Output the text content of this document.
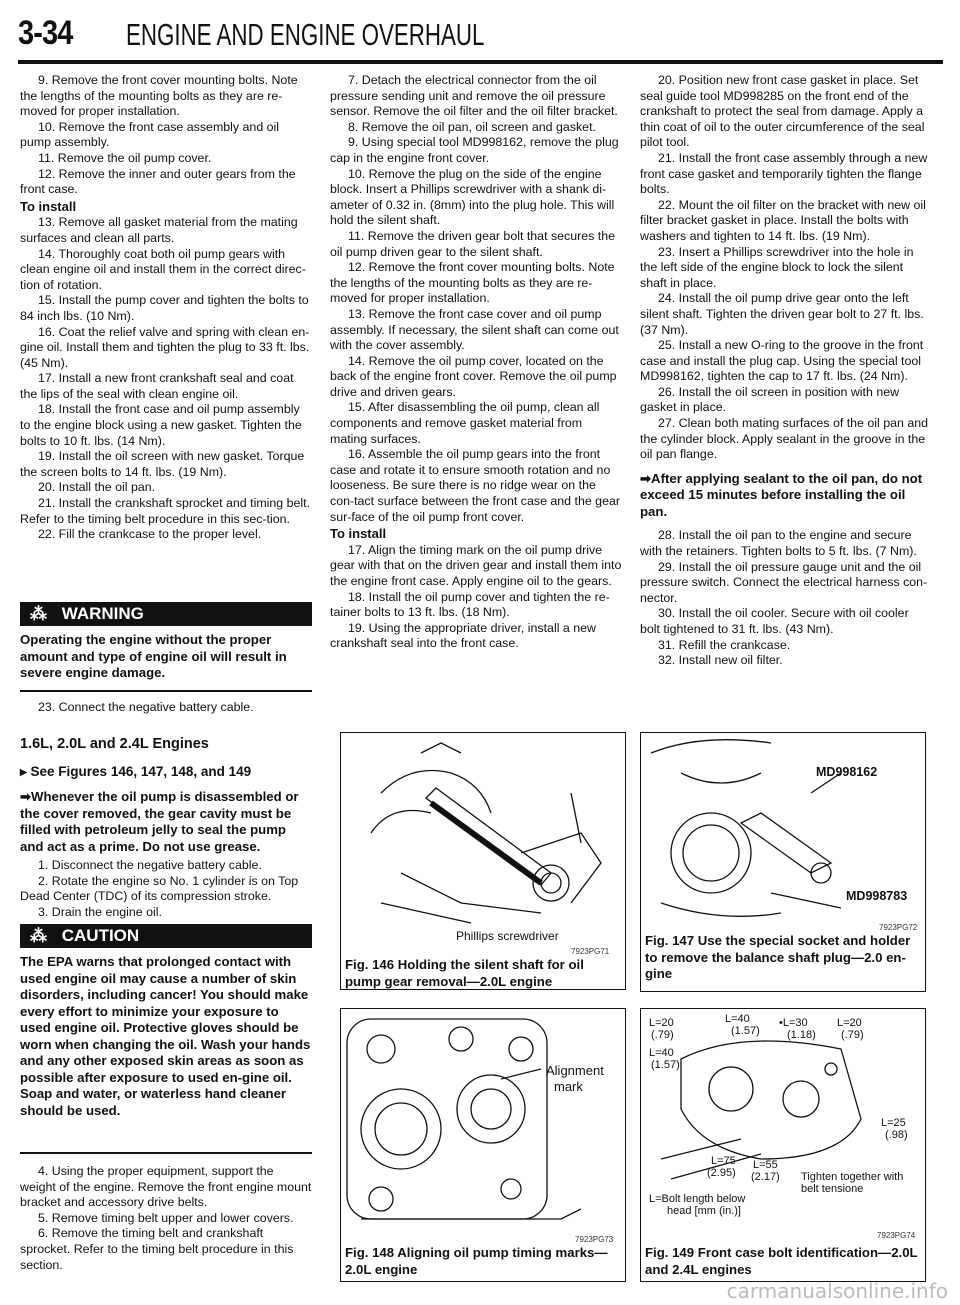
3-34 ENGINE AND ENGINE OVERHAUL

9. Remove the front cover mounting bolts. Note the lengths of the mounting bolts as they are re-moved for proper installation.

10. Remove the front case assembly and oil pump assembly.

11. Remove the oil pump cover.

12. Remove the inner and outer gears from the front case.

To install

13. Remove all gasket material from the mating surfaces and clean all parts.

14. Thoroughly coat both oil pump gears with clean engine oil and install them in the correct direc-tion of rotation.

15. Install the pump cover and tighten the bolts to 84 inch lbs. (10 Nm).

16. Coat the relief valve and spring with clean en-gine oil. Install them and tighten the plug to 33 ft. lbs. (45 Nm).

17. Install a new front crankshaft seal and coat the lips of the seal with clean engine oil.

18. Install the front case and oil pump assembly to the engine block using a new gasket. Tighten the bolts to 10 ft. lbs. (14 Nm).

19. Install the oil screen with new gasket. Torque the screen bolts to 14 ft. lbs. (19 Nm).

20. Install the oil pan.

21. Install the crankshaft sprocket and timing belt. Refer to the timing belt procedure in this sec-tion.

22. Fill the crankcase to the proper level.

⁂ WARNING
Operating the engine without the proper amount and type of engine oil will result in severe engine damage.

23. Connect the negative battery cable.

1.6L, 2.0L and 2.4L Engines
▸ See Figures 146, 147, 148, and 149
➡Whenever the oil pump is disassembled or the cover removed, the gear cavity must be filled with petroleum jelly to seal the pump and act as a prime. Do not use grease.

1. Disconnect the negative battery cable.

2. Rotate the engine so No. 1 cylinder is on Top Dead Center (TDC) of its compression stroke.

3. Drain the engine oil.

⁂ CAUTION
The EPA warns that prolonged contact with used engine oil may cause a number of skin disorders, including cancer! You should make every effort to minimize your exposure to used engine oil. Protective gloves should be worn when changing the oil. Wash your hands and any other exposed skin areas as soon as possible after exposure to used en-gine oil. Soap and water, or waterless hand cleaner should be used.

4. Using the proper equipment, support the weight of the engine. Remove the front engine mount bracket and accessory drive belts.

5. Remove timing belt upper and lower covers.

6. Remove the timing belt and crankshaft sprocket. Refer to the timing belt procedure in this section.

7. Detach the electrical connector from the oil pressure sending unit and remove the oil pressure sensor. Remove the oil filter and the oil filter bracket.

8. Remove the oil pan, oil screen and gasket.

9. Using special tool MD998162, remove the plug cap in the engine front cover.

10. Remove the plug on the side of the engine block. Insert a Phillips screwdriver with a shank di-ameter of 0.32 in. (8mm) into the plug hole. This will hold the silent shaft.

11. Remove the driven gear bolt that secures the oil pump driven gear to the silent shaft.

12. Remove the front cover mounting bolts. Note the lengths of the mounting bolts as they are re-moved for proper installation.

13. Remove the front case cover and oil pump assembly. If necessary, the silent shaft can come out with the cover assembly.

14. Remove the oil pump cover, located on the back of the engine front cover. Remove the oil pump drive and driven gears.

15. After disassembling the oil pump, clean all components and remove gasket material from mating surfaces.

16. Assemble the oil pump gears into the front case and rotate it to ensure smooth rotation and no looseness. Be sure there is no ridge wear on the con-tact surface between the front case and the gear sur-face of the oil pump front cover.

To install

17. Align the timing mark on the oil pump drive gear with that on the driven gear and install them into the engine front case. Apply engine oil to the gears.

18. Install the oil pump cover and tighten the re-tainer bolts to 13 ft. lbs. (18 Nm).

19. Using the appropriate driver, install a new crankshaft seal into the front case.

20. Position new front case gasket in place. Set seal guide tool MD998285 on the front end of the crankshaft to protect the seal from damage. Apply a thin coat of oil to the outer circumference of the seal pilot tool.

21. Install the front case assembly through a new front case gasket and temporarily tighten the flange bolts.

22. Mount the oil filter on the bracket with new oil filter bracket gasket in place. Install the bolts with washers and tighten to 14 ft. lbs. (19 Nm).

23. Insert a Phillips screwdriver into the hole in the left side of the engine block to lock the silent shaft in place.

24. Install the oil pump drive gear onto the left silent shaft. Tighten the driven gear bolt to 27 ft. lbs. (37 Nm).

25. Install a new O-ring to the groove in the front case and install the plug cap. Using the special tool MD998162, tighten the cap to 17 ft. lbs. (24 Nm).

26. Install the oil screen in position with new gasket in place.

27. Clean both mating surfaces of the oil pan and the cylinder block. Apply sealant in the groove in the oil pan flange.

➡After applying sealant to the oil pan, do not exceed 15 minutes before installing the oil pan.

28. Install the oil pan to the engine and secure with the retainers. Tighten bolts to 5 ft. lbs. (7 Nm).

29. Install the oil pressure gauge unit and the oil pressure switch. Connect the electrical harness con-nector.

30. Install the oil cooler. Secure with oil cooler bolt tightened to 31 ft. lbs. (43 Nm).

31. Refill the crankcase.

32. Install new oil filter.

Phillips screwdriver
7923PG71
Fig. 146 Holding the silent shaft for oil pump gear removal—2.0L engine
MD998162
MD998783
7923PG72
Fig. 147 Use the special socket and holder to remove the balance shaft plug—2.0 en-gine
Alignment
mark
7923PG73
Fig. 148 Aligning oil pump timing marks—2.0L engine
L=20
(.79)
L=40
(1.57)
•L=30
(1.18)
L=20
(.79)
L=40
(1.57)
L=25
(.98)
L=75
(2.95)
L=55
(2.17) Tighten together with belt tensione
L=Bolt length below
head [mm (in.)]
7923PG74
Fig. 149 Front case bolt identification—2.0L and 2.4L engines
carmanualsonline.info
